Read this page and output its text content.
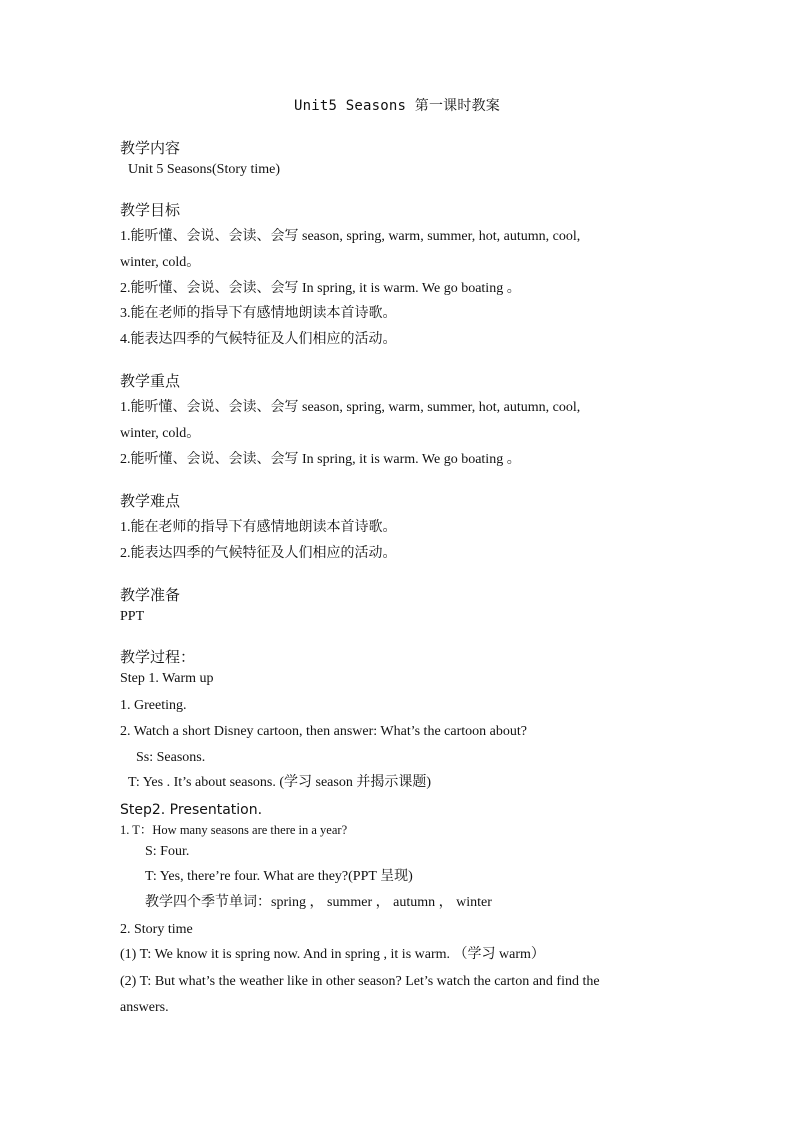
Unit5 Seasons 第一课时教案
教学内容
Unit 5 Seasons(Story time)
教学目标
1.能听懂、会说、会读、会写 season, spring, warm, summer, hot, autumn, cool,
winter, cold。
2.能听懂、会说、会读、会写 In spring, it is warm. We go boating 。
3.能在老师的指导下有感情地朗读本首诗歌。
4.能表达四季的气候特征及人们相应的活动。
教学重点
1.能听懂、会说、会读、会写 season, spring, warm, summer, hot, autumn, cool,
winter, cold。
2.能听懂、会说、会读、会写 In spring, it is warm. We go boating 。
教学难点
1.能在老师的指导下有感情地朗读本首诗歌。
2.能表达四季的气候特征及人们相应的活动。
教学准备
PPT
教学过程：
Step 1. Warm up
1. Greeting.
2. Watch a short Disney cartoon, then answer: What’s the cartoon about?
Ss: Seasons.
T: Yes . It’s about seasons. (学习 season 并揭示课题)
Step2. Presentation.
1. T：How many seasons are there in a year?
S: Four.
T: Yes, there’re four. What are they?(PPT 呈现)
教学四个季节单词：spring ， summer ， autumn ， winter
2. Story time
(1) T: We know it is spring now. And in spring , it is warm. （学习 warm）
(2) T: But what’s the weather like in other season? Let’s watch the carton and find the
answers.
